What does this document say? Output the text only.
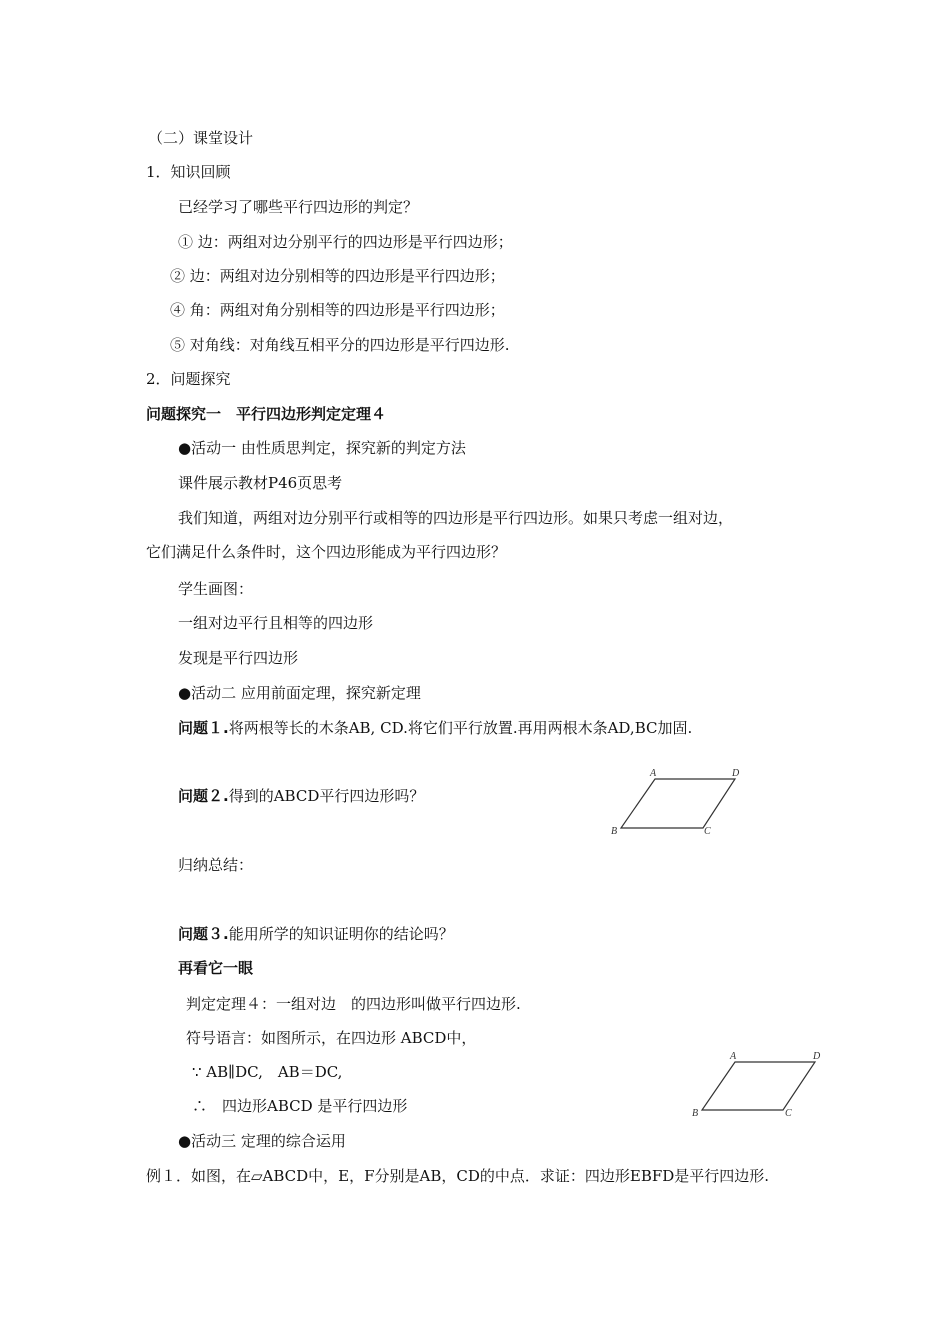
（二）课堂设计
1．知识回顾
已经学习了哪些平行四边形的判定？
① 边：两组对边分别平行的四边形是平行四边形；
② 边：两组对边分别相等的四边形是平行四边形；
④ 角：两组对角分别相等的四边形是平行四边形；
⑤ 对角线：对角线互相平分的四边形是平行四边形.
2．问题探究
问题探究一　平行四边形判定定理４
●活动一 由性质思判定，探究新的判定方法
课件展示教材P46页思考
我们知道，两组对边分别平行或相等的四边形是平行四边形。如果只考虑一组对边，
它们满足什么条件时，这个四边形能成为平行四边形？
学生画图：
一组对边平行且相等的四边形
发现是平行四边形
●活动二 应用前面定理，探究新定理
问题１.将两根等长的木条AB, CD.将它们平行放置.再用两根木条AD,BC加固.
问题２.得到的ABCD平行四边形吗？
A	D
B	C
归纳总结：
问题３.能用所学的知识证明你的结论吗？
再看它一眼
判定定理４：一组对边　的四边形叫做平行四边形.
符号语言：如图所示，在四边形 ABCD中，
∵ AB∥DC,　AB＝DC,
∴　四边形ABCD 是平行四边形
A	D
B	C
●活动三 定理的综合运用
例１．如图，在▱ABCD中，E，F分别是AB，CD的中点．求证：四边形EBFD是平行四边形.
